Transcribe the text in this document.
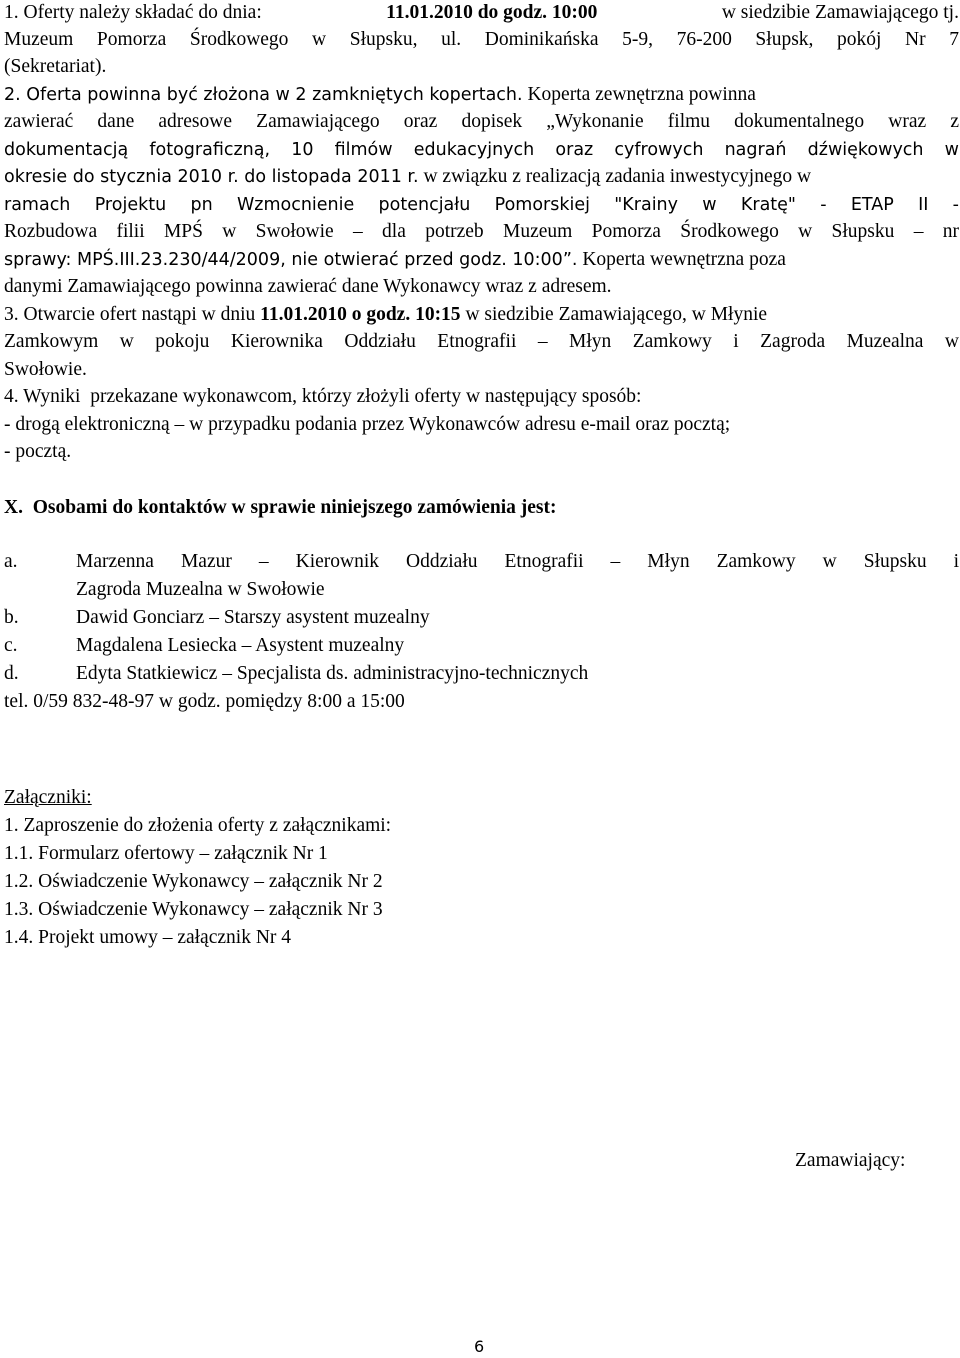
1. Oferty należy składać do dnia:	11.01.2010 do godz. 10:00	w siedzibie Zamawiającego tj.
Muzeum Pomorza Środkowego w Słupsku, ul. Dominikańska 5-9, 76-200 Słupsk, pokój Nr 7
(Sekretariat).
2. Oferta powinna być złożona w 2 zamkniętych kopertach. Koperta zewnętrzna powinna
zawierać dane adresowe Zamawiającego oraz dopisek „Wykonanie filmu dokumentalnego wraz z
dokumentacją fotograficzną, 10 filmów edukacyjnych oraz cyfrowych nagrań dźwiękowych w
okresie do stycznia 2010 r. do listopada 2011 r. w związku z realizacją zadania inwestycyjnego w
ramach Projektu pn Wzmocnienie potencjału Pomorskiej "Krainy w Kratę" - ETAP II -
Rozbudowa filii MPŚ w Swołowie – dla potrzeb Muzeum Pomorza Środkowego w Słupsku – nr
sprawy: MPŚ.III.23.230/44/2009, nie otwierać przed godz. 10:00”. Koperta wewnętrzna poza
danymi Zamawiającego powinna zawierać dane Wykonawcy wraz z adresem.
3. Otwarcie ofert nastąpi w dniu 11.01.2010 o godz. 10:15 w siedzibie Zamawiającego, w Młynie
Zamkowym w pokoju Kierownika Oddziału Etnografii – Młyn Zamkowy i Zagroda Muzealna w
Swołowie.
4. Wyniki  przekazane wykonawcom, którzy złożyli oferty w następujący sposób:
- drogą elektroniczną – w przypadku podania przez Wykonawców adresu e-mail oraz pocztą;
- pocztą.
X.  Osobami do kontaktów w sprawie niniejszego zamówienia jest:
a.	Marzenna Mazur – Kierownik Oddziału Etnografii – Młyn Zamkowy w Słupsku i
Zagroda Muzealna w Swołowie
b.	Dawid Gonciarz – Starszy asystent muzealny
c.	Magdalena Lesiecka – Asystent muzealny
d.	Edyta Statkiewicz – Specjalista ds. administracyjno-technicznych
tel. 0/59 832-48-97 w godz. pomiędzy 8:00 a 15:00
Załączniki:
1. Zaproszenie do złożenia oferty z załącznikami:
1.1. Formularz ofertowy – załącznik Nr 1
1.2. Oświadczenie Wykonawcy – załącznik Nr 2
1.3. Oświadczenie Wykonawcy – załącznik Nr 3
1.4. Projekt umowy – załącznik Nr 4
Zamawiający:
6
